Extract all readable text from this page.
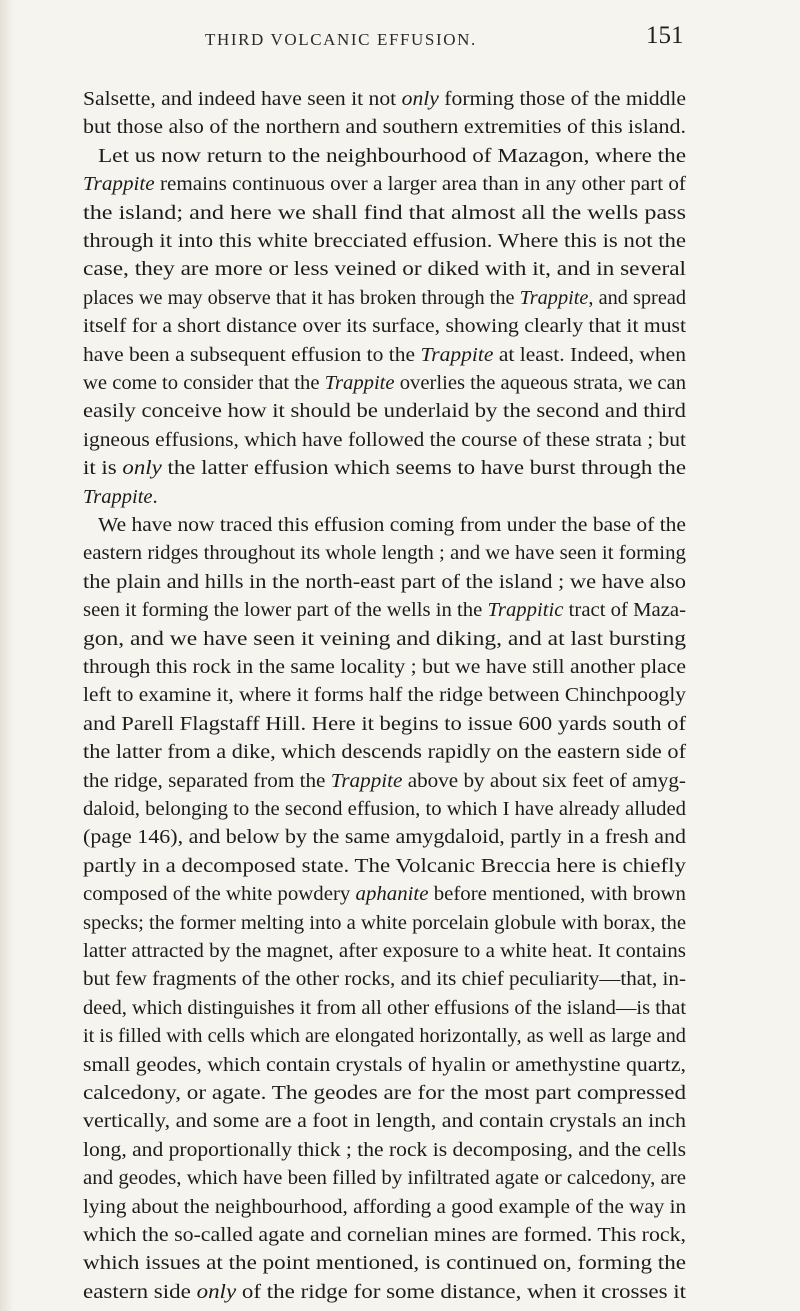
THIRD VOLCANIC EFFUSION.	151
Salsette, and indeed have seen it not only forming those of the middle
but those also of the northern and southern extremities of this island.
Let us now return to the neighbourhood of Mazagon, where the
Trappite remains continuous over a larger area than in any other part of
the island; and here we shall find that almost all the wells pass
through it into this white brecciated effusion. Where this is not the
case, they are more or less veined or diked with it, and in several
places we may observe that it has broken through the Trappite, and spread
itself for a short distance over its surface, showing clearly that it must
have been a subsequent effusion to the Trappite at least. Indeed, when
we come to consider that the Trappite overlies the aqueous strata, we can
easily conceive how it should be underlaid by the second and third
igneous effusions, which have followed the course of these strata ; but
it is only the latter effusion which seems to have burst through the
Trappite.
We have now traced this effusion coming from under the base of the
eastern ridges throughout its whole length ; and we have seen it forming
the plain and hills in the north-east part of the island ; we have also
seen it forming the lower part of the wells in the Trappitic tract of Maza-
gon, and we have seen it veining and diking, and at last bursting
through this rock in the same locality ; but we have still another place
left to examine it, where it forms half the ridge between Chinchpoogly
and Parell Flagstaff Hill. Here it begins to issue 600 yards south of
the latter from a dike, which descends rapidly on the eastern side of
the ridge, separated from the Trappite above by about six feet of amyg-
daloid, belonging to the second effusion, to which I have already alluded
(page 146), and below by the same amygdaloid, partly in a fresh and
partly in a decomposed state. The Volcanic Breccia here is chiefly
composed of the white powdery aphanite before mentioned, with brown
specks; the former melting into a white porcelain globule with borax, the
latter attracted by the magnet, after exposure to a white heat. It contains
but few fragments of the other rocks, and its chief peculiarity—that, in-
deed, which distinguishes it from all other effusions of the island—is that
it is filled with cells which are elongated horizontally, as well as large and
small geodes, which contain crystals of hyalin or amethystine quartz,
calcedony, or agate. The geodes are for the most part compressed
vertically, and some are a foot in length, and contain crystals an inch
long, and proportionally thick ; the rock is decomposing, and the cells
and geodes, which have been filled by infiltrated agate or calcedony, are
lying about the neighbourhood, affording a good example of the way in
which the so-called agate and cornelian mines are formed. This rock,
which issues at the point mentioned, is continued on, forming the
eastern side only of the ridge for some distance, when it crosses it
